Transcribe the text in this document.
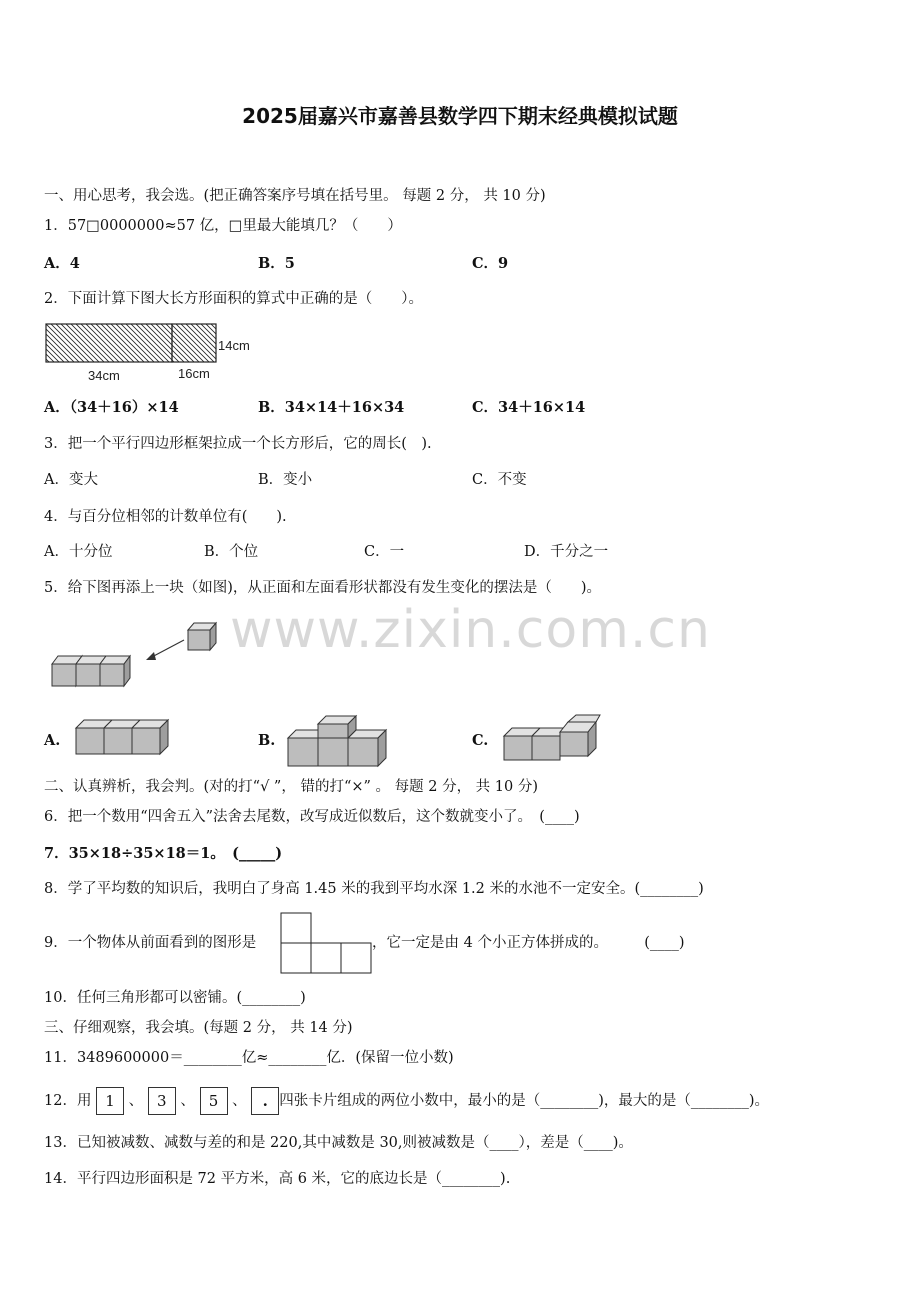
2025届嘉兴市嘉善县数学四下期末经典模拟试题
www.zixin.com.cn
一、用心思考，我会选。(把正确答案序号填在括号里。 每题 2 分， 共 10 分)
1．57□0000000≈57 亿，□里最大能填几？（　　）
A．4	B．5	C．9
2．下面计算下图大长方形面积的算式中正确的是（　　）。
14cm
34cm	16cm
A．（34＋16）×14	B．34×14＋16×34	C．34＋16×14
3．把一个平行四边形框架拉成一个长方形后，它的周长(　).
A．变大	B．变小	C．不变
4．与百分位相邻的计数单位有(　　).
A．十分位	B．个位	C．一	D．千分之一
5．给下图再添上一块（如图)，从正面和左面看形状都没有发生变化的摆法是（　　)。
A.	B.	C.
二、认真辨析，我会判。(对的打“√ ”， 错的打“×” 。 每题 2 分， 共 10 分)
6．把一个数用“四舍五入”法舍去尾数，改写成近似数后，这个数就变小了。　(____)
7．35×18÷35×18＝1。　(_____)
8．学了平均数的知识后，我明白了身高 1.45 米的我到平均水深 1.2 米的水池不一定安全。(________)
9．一个物体从前面看到的图形是	，它一定是由 4 个小正方体拼成的。　　　(____)
10．任何三角形都可以密铺。(________)
三、仔细观察，我会填。(每题 2 分， 共 14 分)
11．3489600000＝________亿≈________亿．(保留一位小数)
12．用 1 、 3 、 5 、 . 四张卡片组成的两位小数中，最小的是（________)，最大的是（________)。
13．已知被减数、减数与差的和是 220,其中减数是 30,则被减数是（____），差是（____)。
14．平行四边形面积是 72 平方米，高 6 米，它的底边长是（________).
